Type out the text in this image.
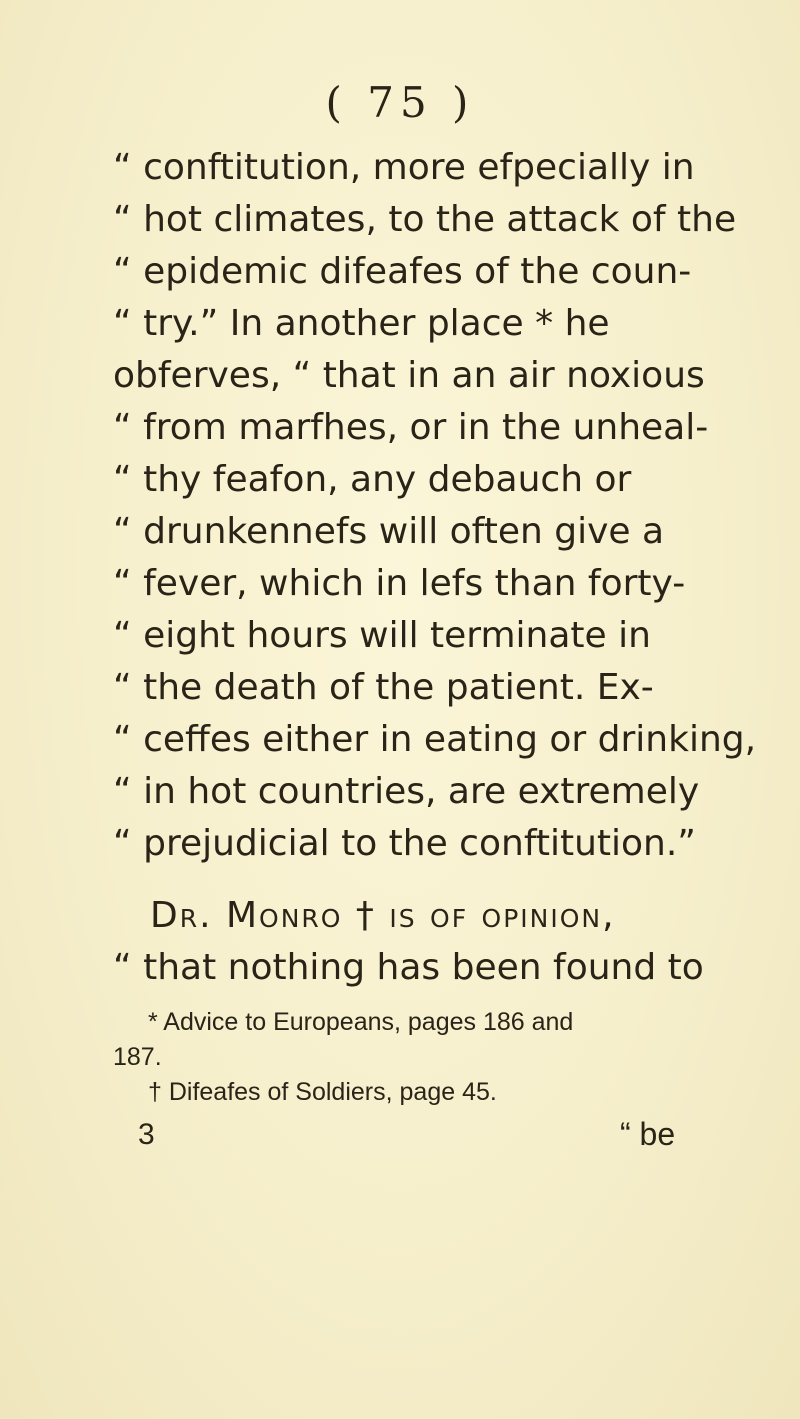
( 75 )
“ conftitution, more efpecially in
“ hot climates, to the attack of the
“ epidemic difeafes of the coun-
“ try.” In another place * he
obferves, “ that in an air noxious
“ from marfhes, or in the unheal-
“ thy feafon, any debauch or
“ drunkennefs will often give a
“ fever, which in lefs than forty-
“ eight hours will terminate in
“ the death of the patient. Ex-
“ ceffes either in eating or drinking,
“ in hot countries, are extremely
“ prejudicial to the conftitution.”
Dr. Monro † is of opinion,
“ that nothing has been found to
* Advice to Europeans, pages 186 and
187.
† Difeafes of Soldiers, page 45.
3	“ be
